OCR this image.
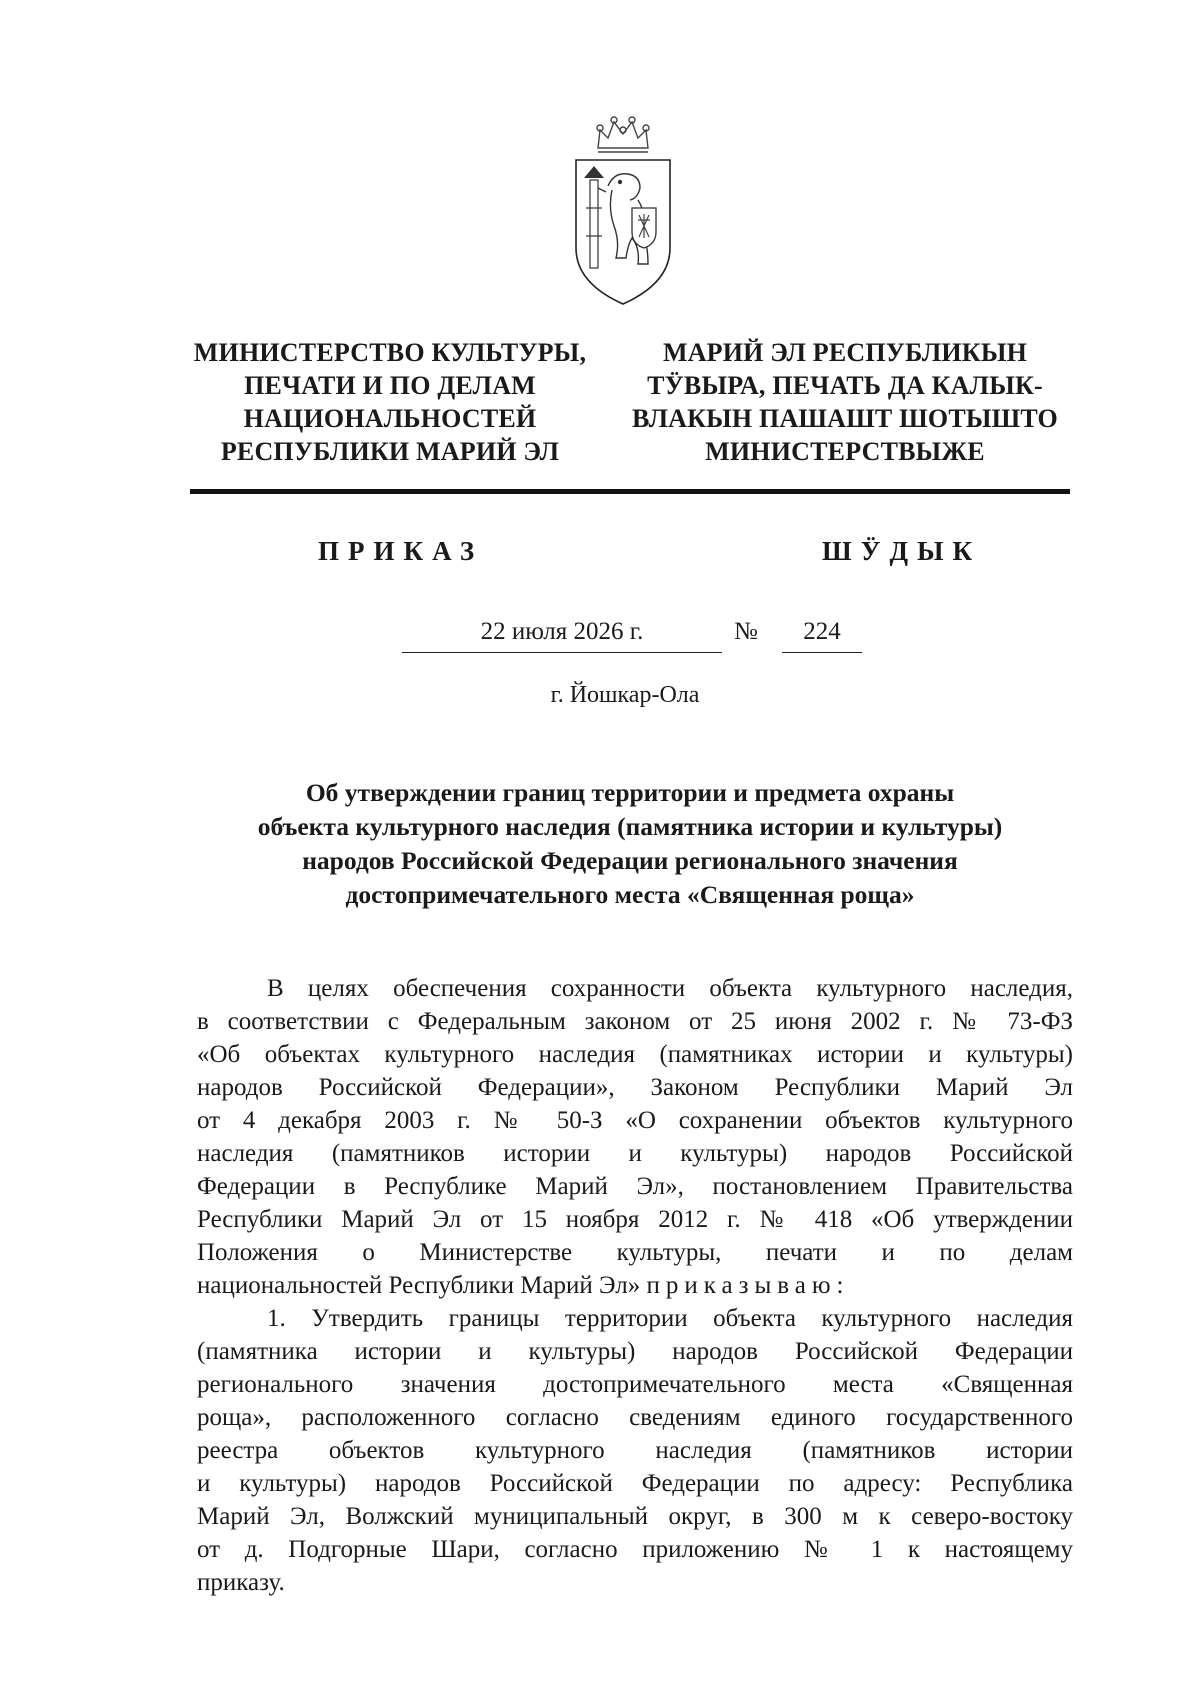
МИНИСТЕРСТВО КУЛЬТУРЫ,
ПЕЧАТИ И ПО ДЕЛАМ
НАЦИОНАЛЬНОСТЕЙ
РЕСПУБЛИКИ МАРИЙ ЭЛ
МАРИЙ ЭЛ РЕСПУБЛИКЫН
ТӰВЫРА, ПЕЧАТЬ ДА КАЛЫК-
ВЛАКЫН ПАШАШТ ШОТЫШТО
МИНИСТЕРСТВЫЖЕ
ПРИКАЗ	ШӰДЫК
22 июля 2026 г.	№	224
г. Йошкар-Ола
Об утверждении границ территории и предмета охраны
объекта культурного наследия (памятника истории и культуры)
народов Российской Федерации регионального значения
достопримечательного места «Священная роща»
В целях обеспечения сохранности объекта культурного наследия,
в соответствии с Федеральным законом от 25 июня 2002 г. № 73-ФЗ
«Об объектах культурного наследия (памятниках истории и культуры)
народов Российской Федерации», Законом Республики Марий Эл
от 4 декабря 2003 г. № 50-З «О сохранении объектов культурного
наследия (памятников истории и культуры) народов Российской
Федерации в Республике Марий Эл», постановлением Правительства
Республики Марий Эл от 15 ноября 2012 г. № 418 «Об утверждении
Положения о Министерстве культуры, печати и по делам
национальностей Республики Марий Эл» приказываю:
1. Утвердить границы территории объекта культурного наследия
(памятника истории и культуры) народов Российской Федерации
регионального значения достопримечательного места «Священная
роща», расположенного согласно сведениям единого государственного
реестра объектов культурного наследия (памятников истории
и культуры) народов Российской Федерации по адресу: Республика
Марий Эл, Волжский муниципальный округ, в 300 м к северо-востоку
от д. Подгорные Шари, согласно приложению № 1 к настоящему
приказу.
